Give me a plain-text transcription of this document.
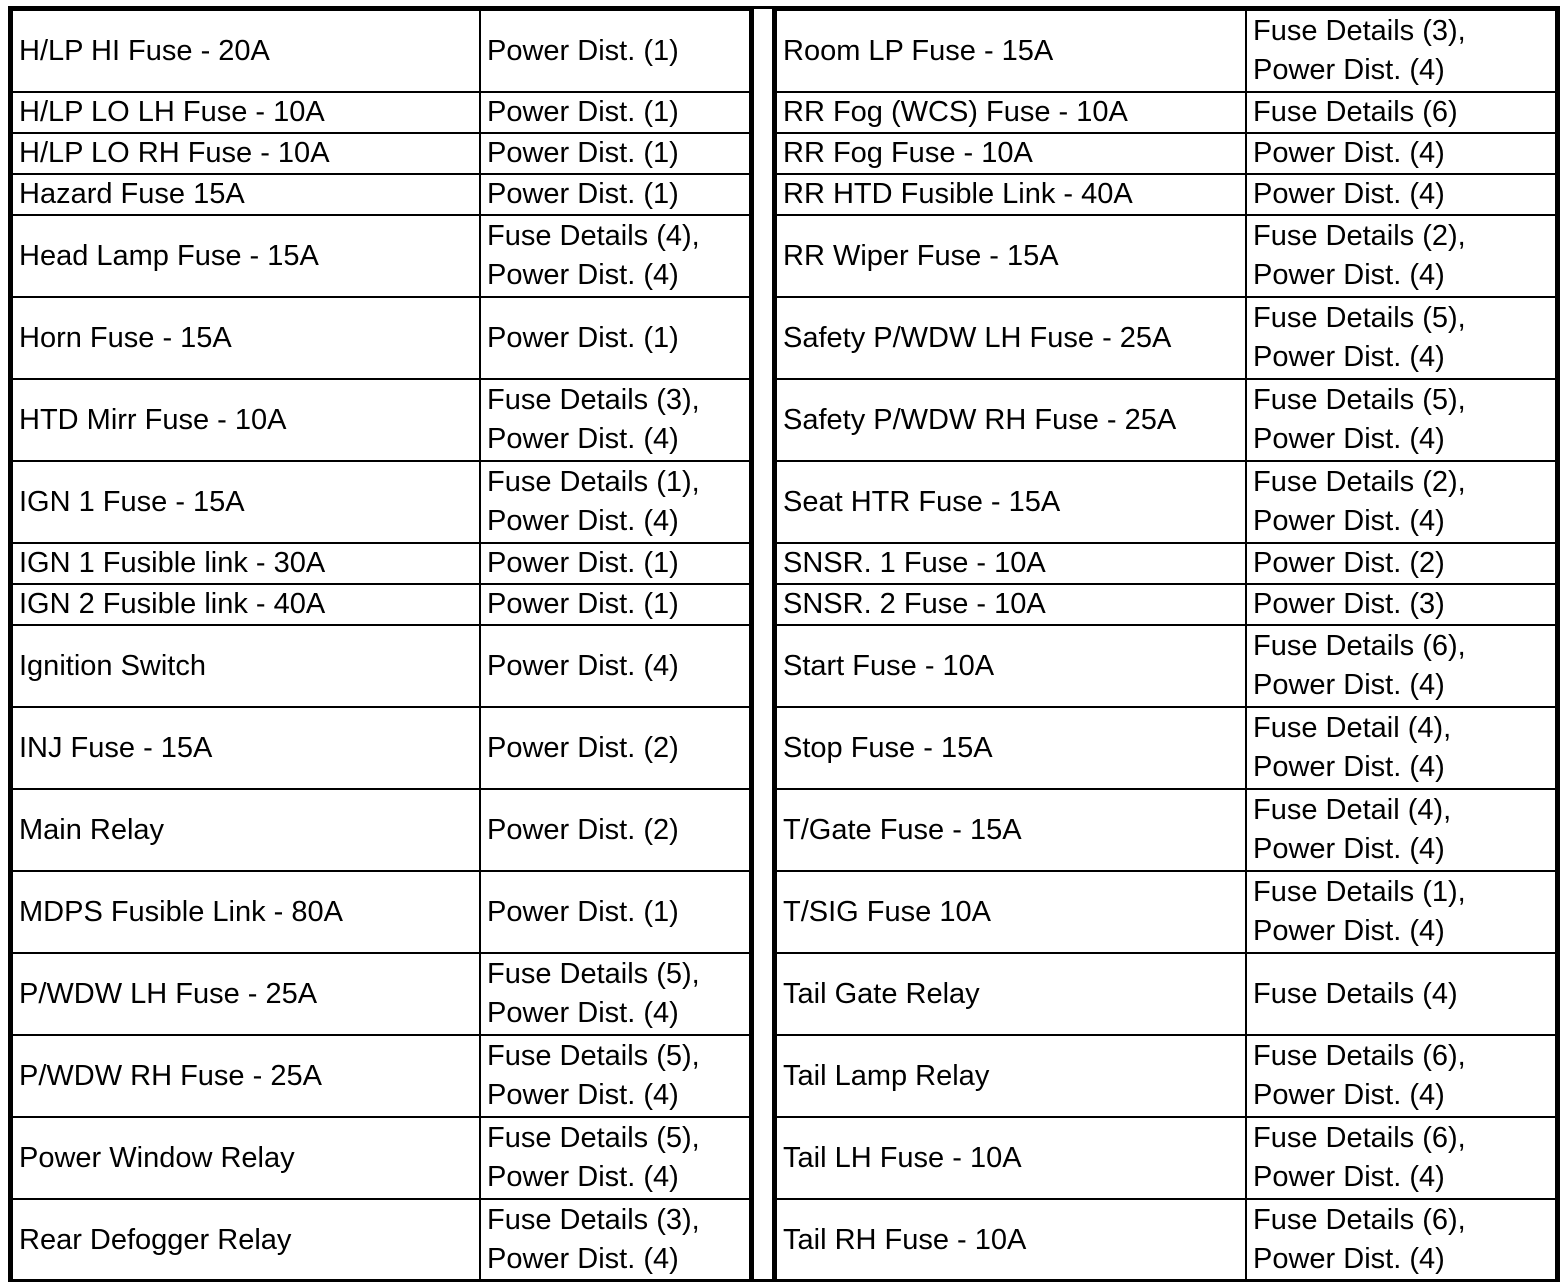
H/LP HI Fuse - 20A	Power Dist. (1)
H/LP LO LH Fuse - 10A	Power Dist. (1)
H/LP LO RH Fuse - 10A	Power Dist. (1)
Hazard Fuse 15A	Power Dist. (1)
Head Lamp Fuse - 15A	Fuse Details (4),
Power Dist. (4)
Horn Fuse - 15A	Power Dist. (1)
HTD Mirr Fuse - 10A	Fuse Details (3),
Power Dist. (4)
IGN 1 Fuse - 15A	Fuse Details (1),
Power Dist. (4)
IGN 1 Fusible link - 30A	Power Dist. (1)
IGN 2 Fusible link - 40A	Power Dist. (1)
Ignition Switch	Power Dist. (4)
INJ Fuse - 15A	Power Dist. (2)
Main Relay	Power Dist. (2)
MDPS Fusible Link - 80A	Power Dist. (1)
P/WDW LH Fuse - 25A	Fuse Details (5),
Power Dist. (4)
P/WDW RH Fuse - 25A	Fuse Details (5),
Power Dist. (4)
Power Window Relay	Fuse Details (5),
Power Dist. (4)
Rear Defogger Relay	Fuse Details (3),
Power Dist. (4)
Room LP Fuse - 15A	Fuse Details (3),
Power Dist. (4)
RR Fog (WCS) Fuse - 10A	Fuse Details (6)
RR Fog Fuse - 10A	Power Dist. (4)
RR HTD Fusible Link - 40A	Power Dist. (4)
RR Wiper Fuse - 15A	Fuse Details (2),
Power Dist. (4)
Safety P/WDW LH Fuse - 25A	Fuse Details (5),
Power Dist. (4)
Safety P/WDW RH Fuse - 25A	Fuse Details (5),
Power Dist. (4)
Seat HTR Fuse - 15A	Fuse Details (2),
Power Dist. (4)
SNSR. 1 Fuse - 10A	Power Dist. (2)
SNSR. 2 Fuse - 10A	Power Dist. (3)
Start Fuse - 10A	Fuse Details (6),
Power Dist. (4)
Stop Fuse - 15A	Fuse Detail (4),
Power Dist. (4)
T/Gate Fuse - 15A	Fuse Detail (4),
Power Dist. (4)
T/SIG Fuse 10A	Fuse Details (1),
Power Dist. (4)
Tail Gate Relay	Fuse Details (4)
Tail Lamp Relay	Fuse Details (6),
Power Dist. (4)
Tail LH Fuse - 10A	Fuse Details (6),
Power Dist. (4)
Tail RH Fuse - 10A	Fuse Details (6),
Power Dist. (4)
